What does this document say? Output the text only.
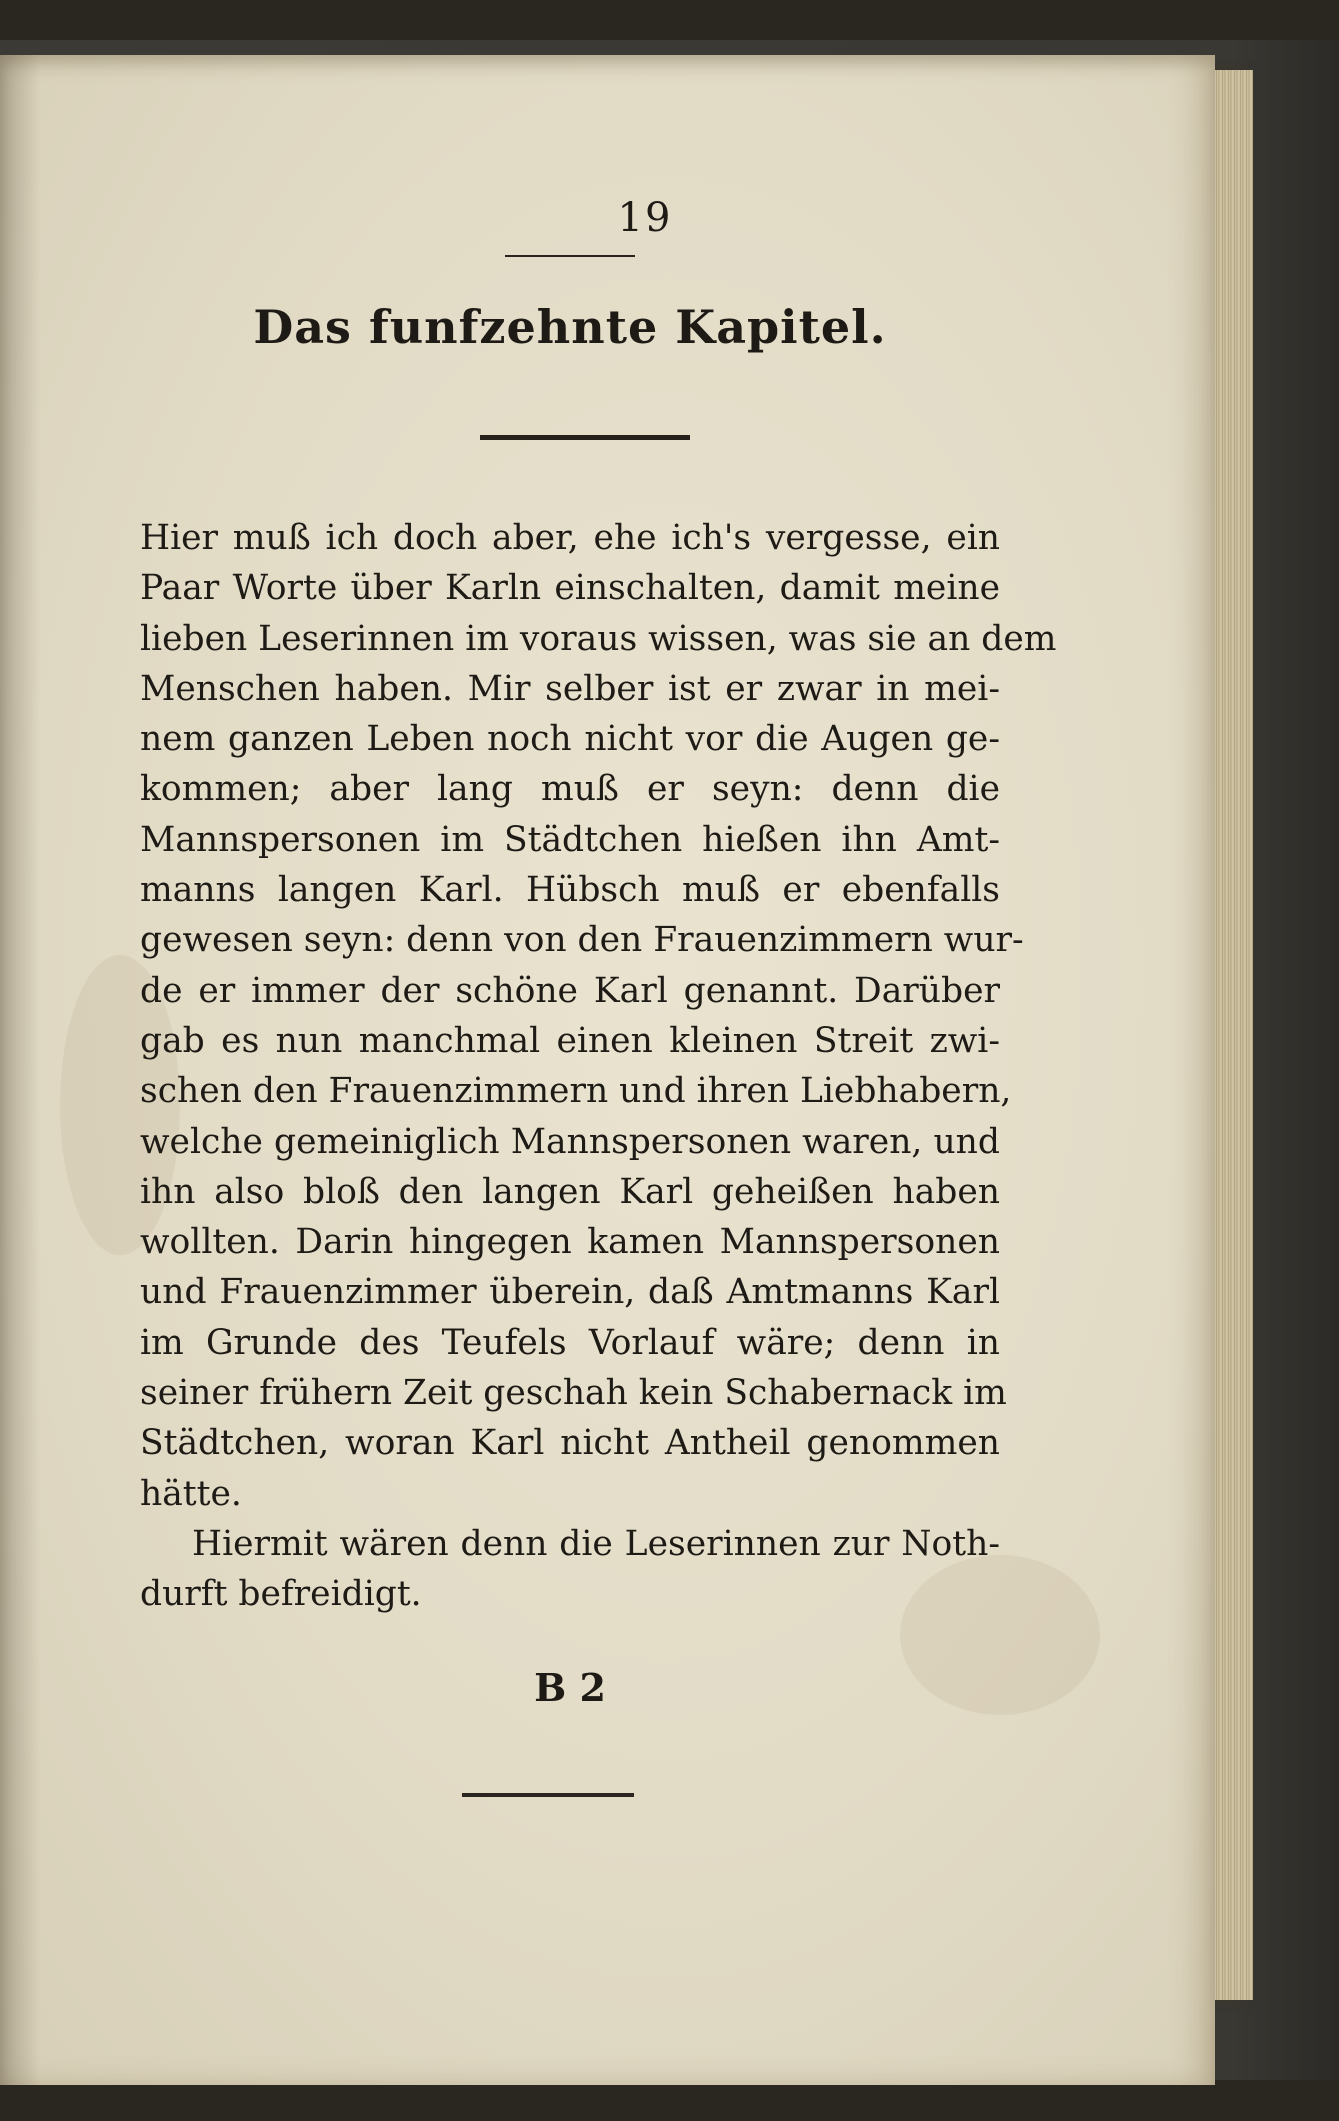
19
Das funfzehnte Kapitel.
Hier muß ich doch aber, ehe ich's vergesse, ein
Paar Worte über Karln einschalten, damit meine
lieben Leserinnen im voraus wissen, was sie an dem
Menschen haben. Mir selber ist er zwar in mei-
nem ganzen Leben noch nicht vor die Augen ge-
kommen; aber lang muß er seyn: denn die
Mannspersonen im Städtchen hießen ihn Amt-
manns langen Karl. Hübsch muß er ebenfalls
gewesen seyn: denn von den Frauenzimmern wur-
de er immer der schöne Karl genannt. Darüber
gab es nun manchmal einen kleinen Streit zwi-
schen den Frauenzimmern und ihren Liebhabern,
welche gemeiniglich Mannspersonen waren, und
ihn also bloß den langen Karl geheißen haben
wollten. Darin hingegen kamen Mannspersonen
und Frauenzimmer überein, daß Amtmanns Karl
im Grunde des Teufels Vorlauf wäre; denn in
seiner frühern Zeit geschah kein Schabernack im
Städtchen, woran Karl nicht Antheil genommen
hätte.
Hiermit wären denn die Leserinnen zur Noth-
durft befreidigt.
B 2
